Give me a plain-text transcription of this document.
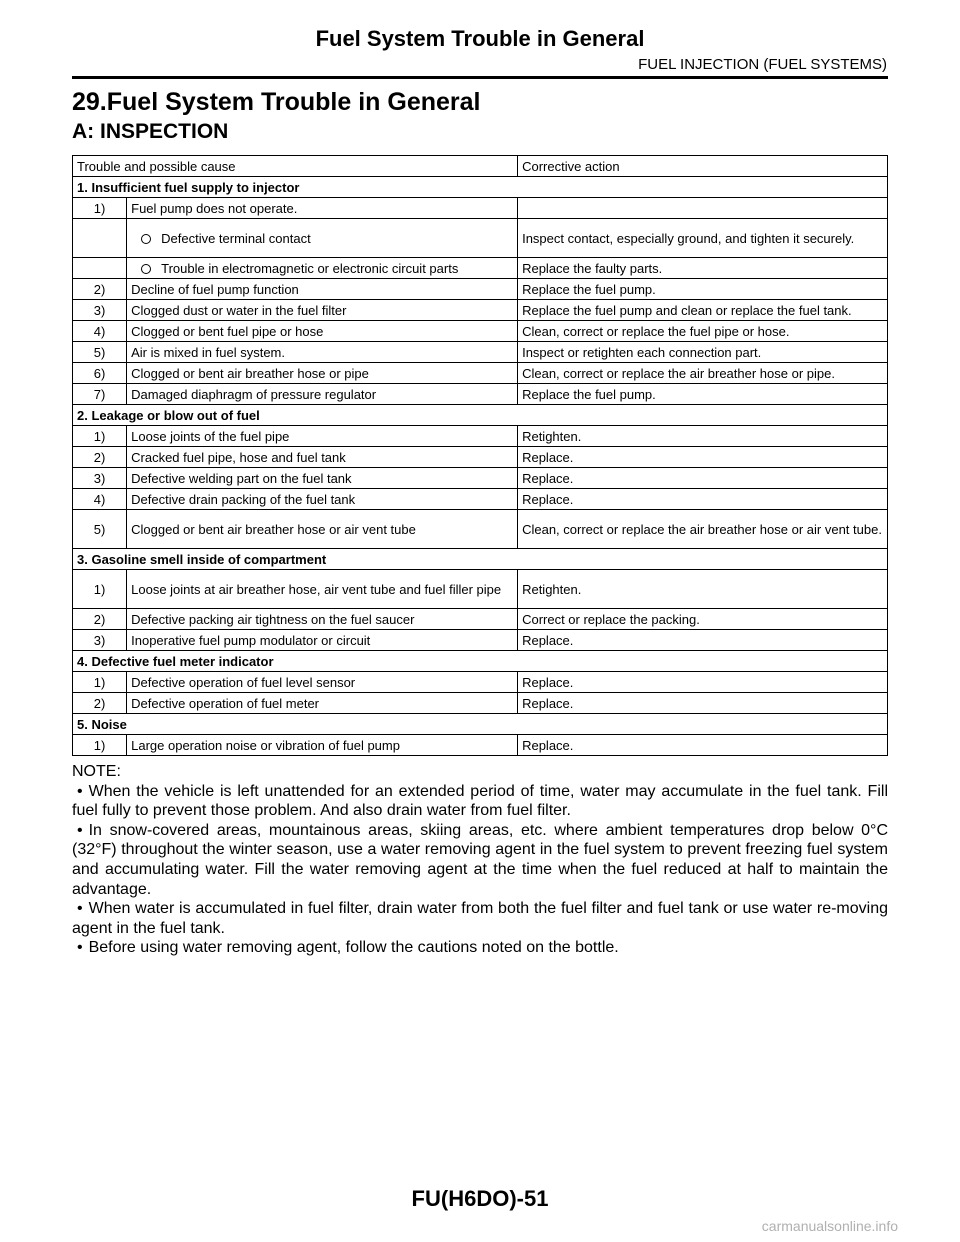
Fuel System Trouble in General
FUEL INJECTION (FUEL SYSTEMS)
29.Fuel System Trouble in General
A: INSPECTION
Trouble and possible cause		Corrective action
1. Insufficient fuel supply to injector		
1)	Fuel pump does not operate.	
	Defective terminal contact	Inspect contact, especially ground, and tighten it securely.
	Trouble in electromagnetic or electronic circuit parts	Replace the faulty parts.
2)	Decline of fuel pump function	Replace the fuel pump.
3)	Clogged dust or water in the fuel filter	Replace the fuel pump and clean or replace the fuel tank.
4)	Clogged or bent fuel pipe or hose	Clean, correct or replace the fuel pipe or hose.
5)	Air is mixed in fuel system.	Inspect or retighten each connection part.
6)	Clogged or bent air breather hose or pipe	Clean, correct or replace the air breather hose or pipe.
7)	Damaged diaphragm of pressure regulator	Replace the fuel pump.
2. Leakage or blow out of fuel		
1)	Loose joints of the fuel pipe	Retighten.
2)	Cracked fuel pipe, hose and fuel tank	Replace.
3)	Defective welding part on the fuel tank	Replace.
4)	Defective drain packing of the fuel tank	Replace.
5)	Clogged or bent air breather hose or air vent tube	Clean, correct or replace the air breather hose or air vent tube.
3. Gasoline smell inside of compartment		
1)	Loose joints at air breather hose, air vent tube and fuel filler pipe	Retighten.
2)	Defective packing air tightness on the fuel saucer	Correct or replace the packing.
3)	Inoperative fuel pump modulator or circuit	Replace.
4. Defective fuel meter indicator		
1)	Defective operation of fuel level sensor	Replace.
2)	Defective operation of fuel meter	Replace.
5. Noise		
1)	Large operation noise or vibration of fuel pump	Replace.

NOTE:

• When the vehicle is left unattended for an extended period of time, water may accumulate in the fuel tank. Fill fuel fully to prevent those problem. And also drain water from fuel filter.

• In snow-covered areas, mountainous areas, skiing areas, etc. where ambient temperatures drop below 0°C (32°F) throughout the winter season, use a water removing agent in the fuel system to prevent freezing fuel system and accumulating water. Fill the water removing agent at the time when the fuel reduced at half to maintain the advantage.

• When water is accumulated in fuel filter, drain water from both the fuel filter and fuel tank or use water re-moving agent in the fuel tank.

• Before using water removing agent, follow the cautions noted on the bottle.

FU(H6DO)-51
carmanualsonline.info
